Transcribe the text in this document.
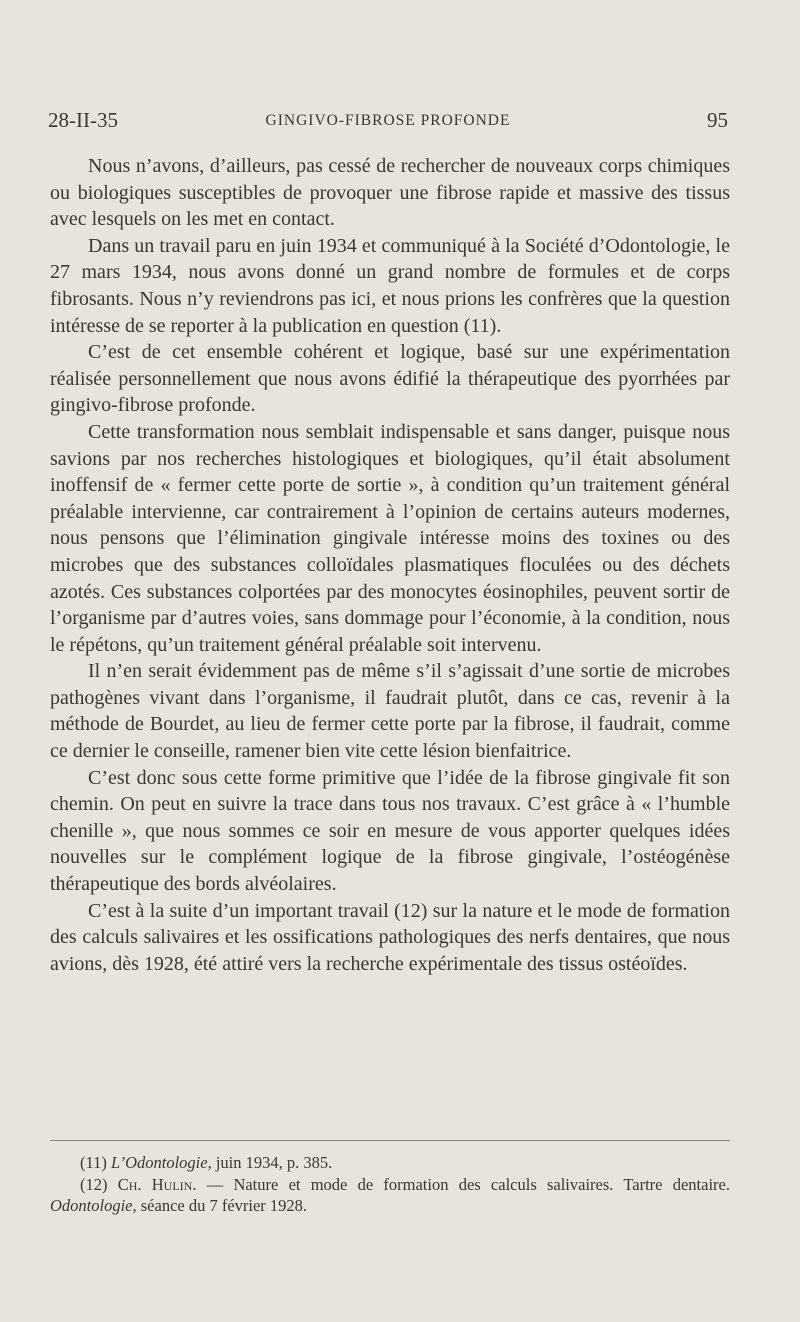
28-II-35	GINGIVO-FIBROSE PROFONDE	95

Nous n’avons, d’ailleurs, pas cessé de rechercher de nouveaux corps chimiques ou biologiques susceptibles de provoquer une fibrose rapide et massive des tissus avec lesquels on les met en contact.

Dans un travail paru en juin 1934 et communiqué à la Société d’Odontologie, le 27 mars 1934, nous avons donné un grand nombre de formules et de corps fibrosants. Nous n’y reviendrons pas ici, et nous prions les confrères que la question intéresse de se reporter à la publication en question (11).

C’est de cet ensemble cohérent et logique, basé sur une expérimentation réalisée personnellement que nous avons édifié la thérapeutique des pyorrhées par gingivo-fibrose profonde.

Cette transformation nous semblait indispensable et sans danger, puisque nous savions par nos recherches histologiques et biologiques, qu’il était absolument inoffensif de « fermer cette porte de sortie », à condition qu’un traitement général préalable intervienne, car contrairement à l’opinion de certains auteurs modernes, nous pensons que l’élimination gingivale intéresse moins des toxines ou des microbes que des substances colloïdales plasmatiques floculées ou des déchets azotés. Ces substances colportées par des monocytes éosinophiles, peuvent sortir de l’organisme par d’autres voies, sans dommage pour l’économie, à la condition, nous le répétons, qu’un traitement général préalable soit intervenu.

Il n’en serait évidemment pas de même s’il s’agissait d’une sortie de microbes pathogènes vivant dans l’organisme, il faudrait plutôt, dans ce cas, revenir à la méthode de Bourdet, au lieu de fermer cette porte par la fibrose, il faudrait, comme ce dernier le conseille, ramener bien vite cette lésion bienfaitrice.

C’est donc sous cette forme primitive que l’idée de la fibrose gingivale fit son chemin. On peut en suivre la trace dans tous nos travaux. C’est grâce à « l’humble chenille », que nous sommes ce soir en mesure de vous apporter quelques idées nouvelles sur le complément logique de la fibrose gingivale, l’ostéogénèse thérapeutique des bords alvéolaires.

C’est à la suite d’un important travail (12) sur la nature et le mode de formation des calculs salivaires et les ossifications pathologiques des nerfs dentaires, que nous avions, dès 1928, été attiré vers la recherche expérimentale des tissus ostéoïdes.

(11) L’Odontologie, juin 1934, p. 385.

(12) Ch. Hulin. — Nature et mode de formation des calculs salivaires. Tartre dentaire. Odontologie, séance du 7 février 1928.
